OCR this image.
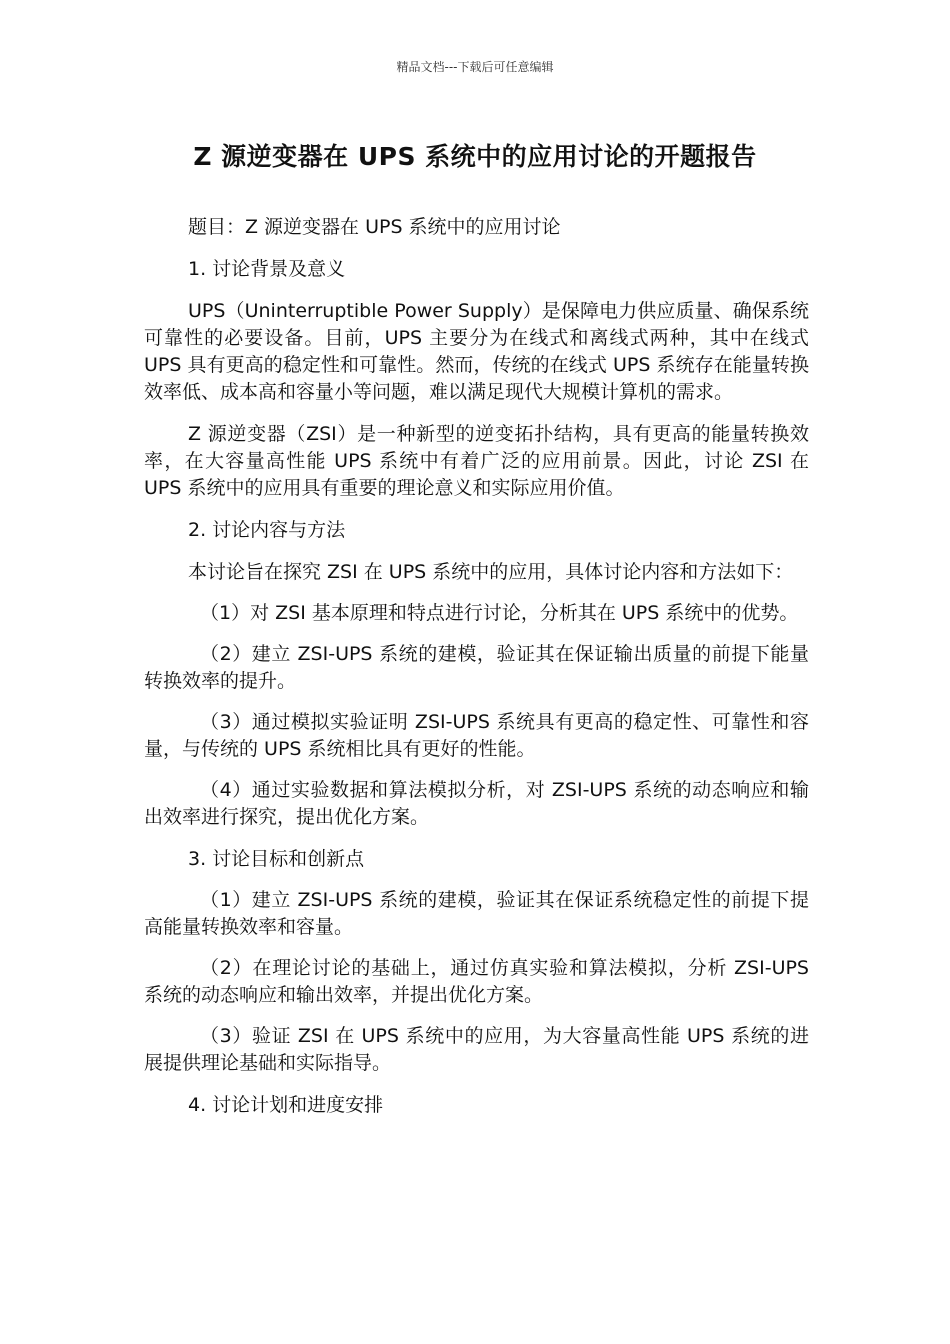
精品文档---下载后可任意编辑
Z 源逆变器在 UPS 系统中的应用讨论的开题报告

题目：Z 源逆变器在 UPS 系统中的应用讨论

1. 讨论背景及意义

UPS（Uninterruptible Power Supply）是保障电力供应质量、确保系统可靠性的必要设备。目前，UPS 主要分为在线式和离线式两种，其中在线式 UPS 具有更高的稳定性和可靠性。然而，传统的在线式 UPS 系统存在能量转换效率低、成本高和容量小等问题，难以满足现代大规模计算机的需求。

Z 源逆变器（ZSI）是一种新型的逆变拓扑结构，具有更高的能量转换效率，在大容量高性能 UPS 系统中有着广泛的应用前景。因此，讨论 ZSI 在 UPS 系统中的应用具有重要的理论意义和实际应用价值。

2. 讨论内容与方法

本讨论旨在探究 ZSI 在 UPS 系统中的应用，具体讨论内容和方法如下：

（1）对 ZSI 基本原理和特点进行讨论，分析其在 UPS 系统中的优势。

（2）建立 ZSI-UPS 系统的建模，验证其在保证输出质量的前提下能量转换效率的提升。

（3）通过模拟实验证明 ZSI-UPS 系统具有更高的稳定性、可靠性和容量，与传统的 UPS 系统相比具有更好的性能。

（4）通过实验数据和算法模拟分析，对 ZSI-UPS 系统的动态响应和输出效率进行探究，提出优化方案。

3. 讨论目标和创新点

（1）建立 ZSI-UPS 系统的建模，验证其在保证系统稳定性的前提下提高能量转换效率和容量。

（2）在理论讨论的基础上，通过仿真实验和算法模拟，分析 ZSI-UPS 系统的动态响应和输出效率，并提出优化方案。

（3）验证 ZSI 在 UPS 系统中的应用，为大容量高性能 UPS 系统的进展提供理论基础和实际指导。

4. 讨论计划和进度安排
